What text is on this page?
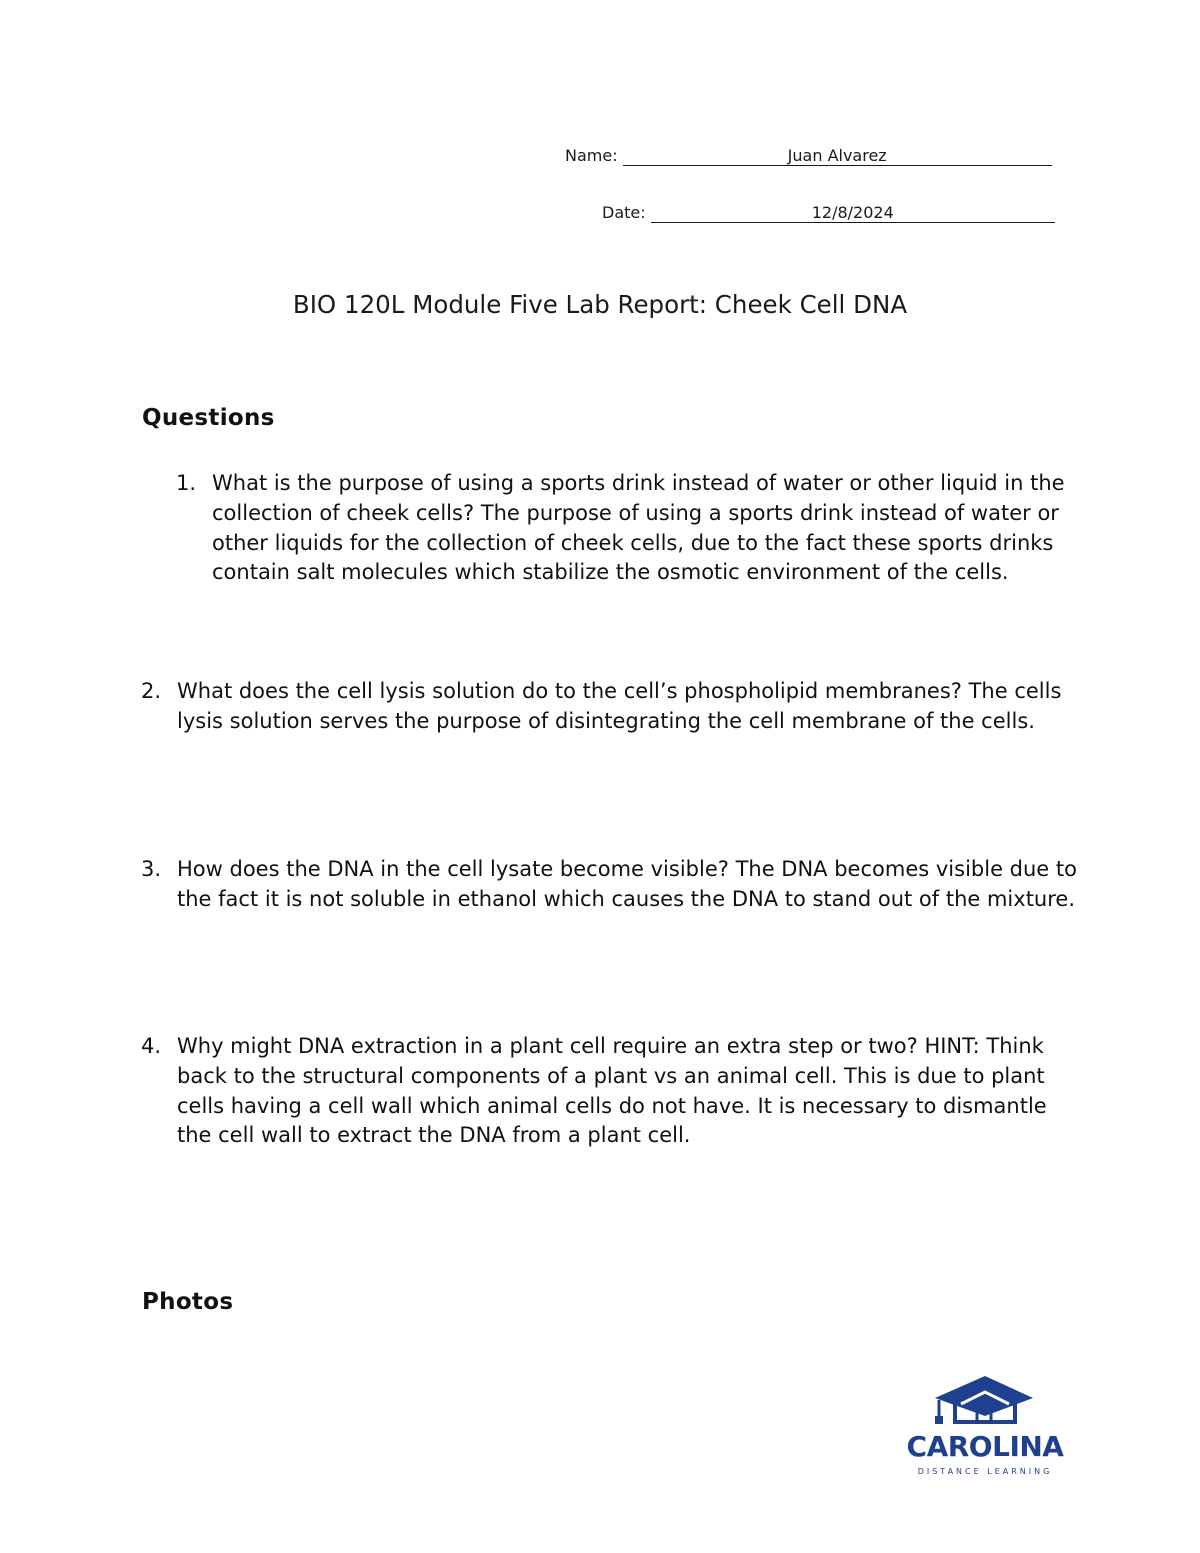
Name:	Juan Alvarez
Date:	12/8/2024
BIO 120L Module Five Lab Report: Cheek Cell DNA
Questions
1. What is the purpose of using a sports drink instead of water or other liquid in the collection of cheek cells? The purpose of using a sports drink instead of water or other liquids for the collection of cheek cells, due to the fact these sports drinks contain salt molecules which stabilize the osmotic environment of the cells.
2. What does the cell lysis solution do to the cell’s phospholipid membranes? The cells lysis solution serves the purpose of disintegrating the cell membrane of the cells.
3. How does the DNA in the cell lysate become visible? The DNA becomes visible due to the fact it is not soluble in ethanol which causes the DNA to stand out of the mixture.
4. Why might DNA extraction in a plant cell require an extra step or two? HINT: Think back to the structural components of a plant vs an animal cell. This is due to plant cells having a cell wall which animal cells do not have. It is necessary to dismantle the cell wall to extract the DNA from a plant cell.
Photos
CAROLINA
DISTANCE LEARNING
